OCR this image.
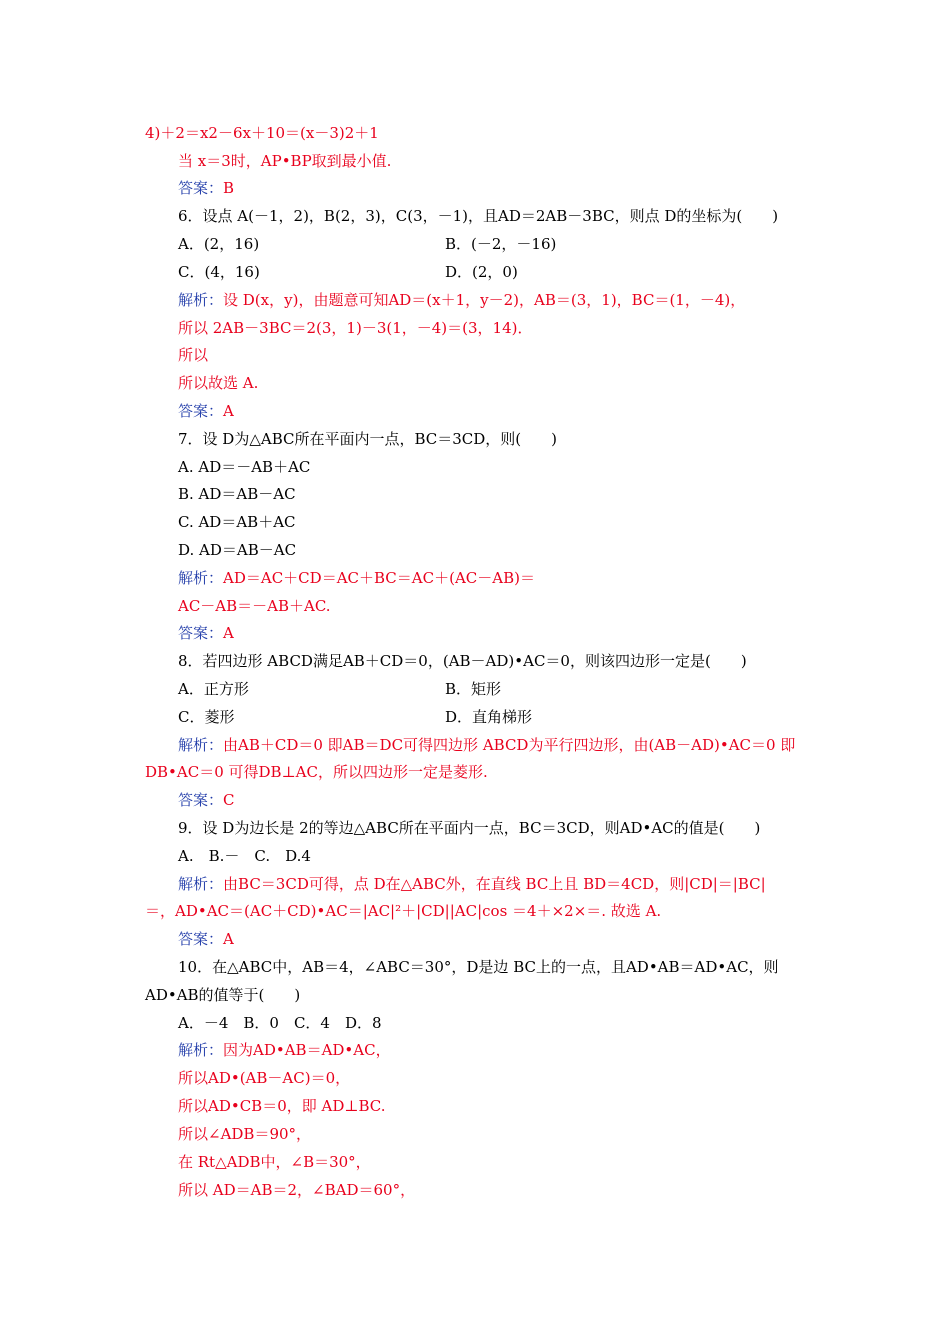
4)＋2＝x2－6x＋10＝(x－3)2＋1
当 x＝3时，AP•BP取到最小值.
答案：B
6．设点 A(－1，2)，B(2，3)，C(3，－1)，且AD＝2AB－3BC，则点 D的坐标为(　　)
A．(2，16)	B．(－2，－16)
C．(4，16)	D．(2，0)
解析：设 D(x，y)，由题意可知AD＝(x＋1，y－2)，AB＝(3，1)，BC＝(1，－4)，
所以 2AB－3BC＝2(3，1)－3(1，－4)＝(3，14)．
所以
所以故选 A.
答案：A
7．设 D为△ABC所在平面内一点，BC＝3CD，则(　　)
A. AD＝－AB＋AC
B. AD＝AB－AC
C. AD＝AB＋AC
D. AD＝AB－AC
解析：AD＝AC＋CD＝AC＋BC＝AC＋(AC－AB)＝
AC－AB＝－AB＋AC.
答案：A
8．若四边形 ABCD满足AB＋CD＝0，(AB－AD)•AC＝0，则该四边形一定是(　　)
A．正方形	B．矩形
C．菱形	D．直角梯形
解析：由AB＋CD＝0 即AB＝DC可得四边形 ABCD为平行四边形，由(AB－AD)•AC＝0 即
DB•AC＝0 可得DB⊥AC，所以四边形一定是菱形.
答案：C
9．设 D为边长是 2的等边△ABC所在平面内一点，BC＝3CD，则AD•AC的值是(　　)
A.　B.－　C.　D.4
解析：由BC＝3CD可得，点 D在△ABC外，在直线 BC上且 BD＝4CD，则|CD|＝|BC|
＝，AD•AC＝(AC＋CD)•AC＝|AC|²＋|CD||AC|cos ＝4＋×2×＝. 故选 A.
答案：A
10．在△ABC中，AB＝4，∠ABC＝30°，D是边 BC上的一点，且AD•AB＝AD•AC，则
AD•AB的值等于(　　)
A．－4　B．0　C．4　D．8
解析：因为AD•AB＝AD•AC，
所以AD•(AB－AC)＝0，
所以AD•CB＝0，即 AD⊥BC.
所以∠ADB＝90°，
在 Rt△ADB中，∠B＝30°，
所以 AD＝AB＝2，∠BAD＝60°，
